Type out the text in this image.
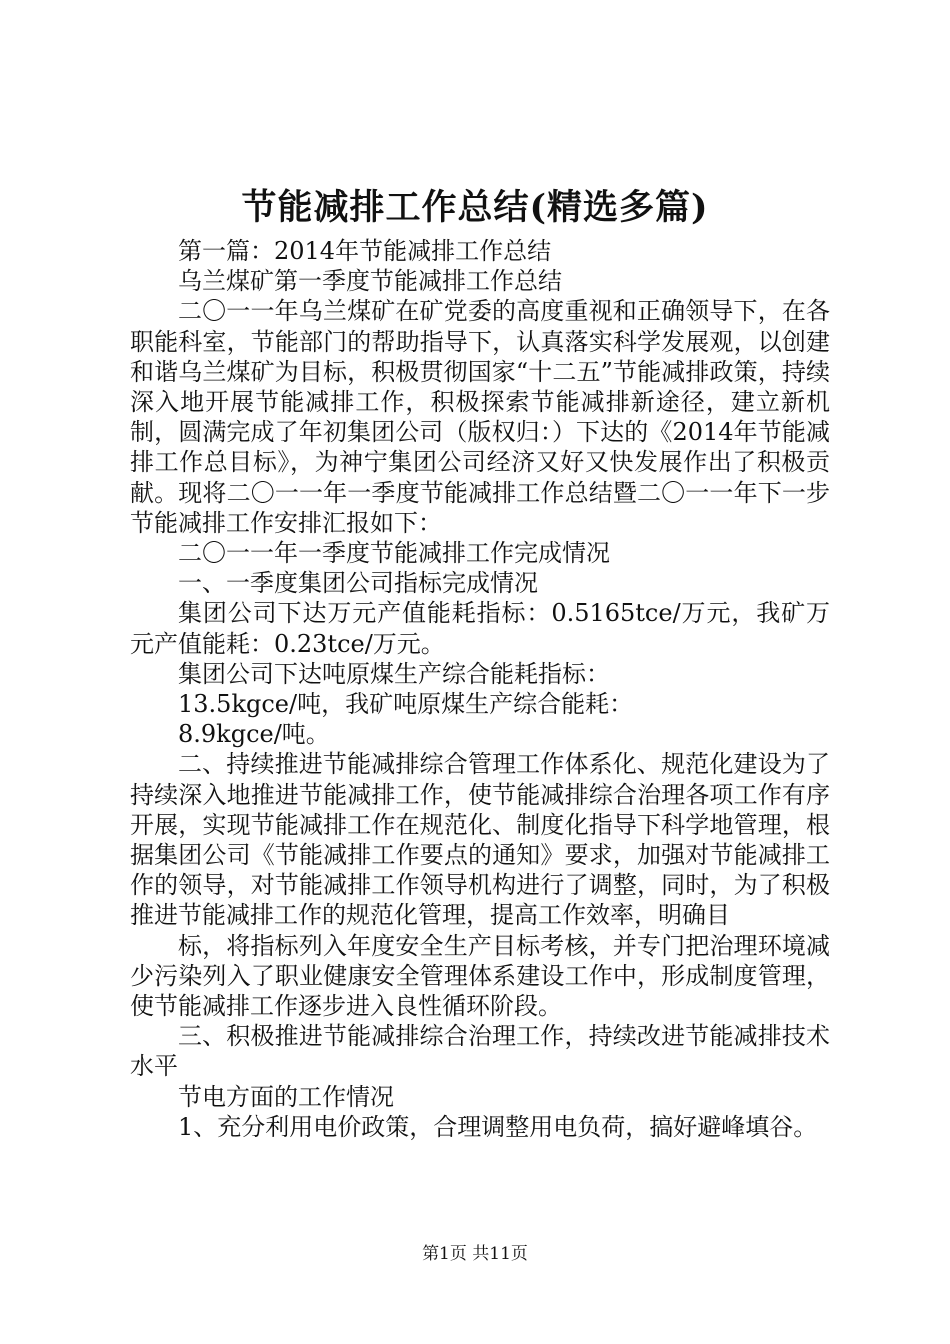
节能减排工作总结(精选多篇)

第一篇：2014年节能减排工作总结

乌兰煤矿第一季度节能减排工作总结

二〇一一年乌兰煤矿在矿党委的高度重视和正确领导下，在各职能科室，节能部门的帮助指导下，认真落实科学发展观，以创建和谐乌兰煤矿为目标，积极贯彻国家“十二五”节能减排政策，持续深入地开展节能减排工作，积极探索节能减排新途径，建立新机制，圆满完成了年初集团公司（版权归：）下达的《2014年节能减排工作总目标》，为神宁集团公司经济又好又快发展作出了积极贡献。现将二〇一一年一季度节能减排工作总结暨二〇一一年下一步节能减排工作安排汇报如下：

二〇一一年一季度节能减排工作完成情况

一、一季度集团公司指标完成情况

集团公司下达万元产值能耗指标：0.5165tce/万元，我矿万元产值能耗：0.23tce/万元。

集团公司下达吨原煤生产综合能耗指标：

13.5kgce/吨，我矿吨原煤生产综合能耗：

8.9kgce/吨。

二、持续推进节能减排综合管理工作体系化、规范化建设为了持续深入地推进节能减排工作，使节能减排综合治理各项工作有序开展，实现节能减排工作在规范化、制度化指导下科学地管理，根据集团公司《节能减排工作要点的通知》要求，加强对节能减排工作的领导，对节能减排工作领导机构进行了调整，同时，为了积极推进节能减排工作的规范化管理，提高工作效率，明确目

标，将指标列入年度安全生产目标考核，并专门把治理环境减少污染列入了职业健康安全管理体系建设工作中，形成制度管理，使节能减排工作逐步进入良性循环阶段。

三、积极推进节能减排综合治理工作，持续改进节能减排技术水平

节电方面的工作情况

1、充分利用电价政策，合理调整用电负荷，搞好避峰填谷。

第1页 共11页
